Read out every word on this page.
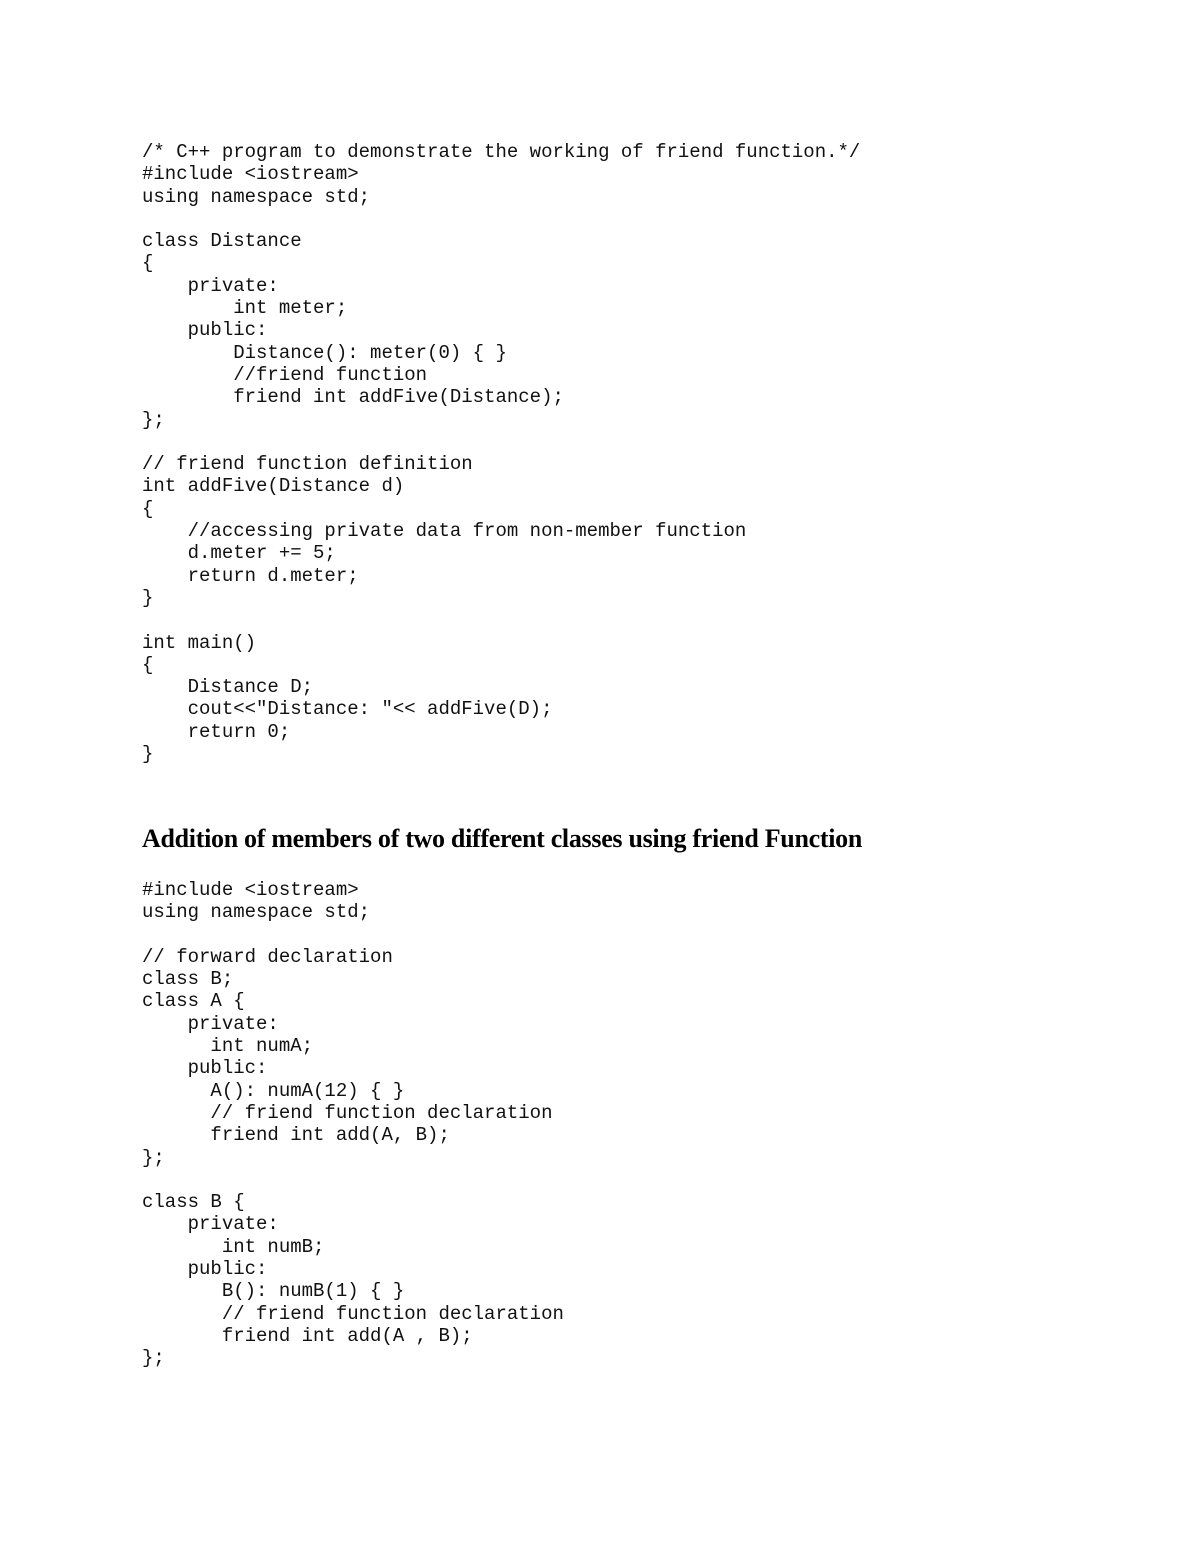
/* C++ program to demonstrate the working of friend function.*/
#include <iostream>
using namespace std;
class Distance
{
private:
int meter;
public:
Distance(): meter(0) { }
//friend function
friend int addFive(Distance);
};
// friend function definition
int addFive(Distance d)
{
//accessing private data from non-member function
d.meter += 5;
return d.meter;
}
int main()
{
Distance D;
cout<<"Distance: "<< addFive(D);
return 0;
}
Addition of members of two different classes using friend Function
#include <iostream>
using namespace std;
// forward declaration
class B;
class A {
private:
int numA;
public:
A(): numA(12) { }
// friend function declaration
friend int add(A, B);
};
class B {
private:
int numB;
public:
B(): numB(1) { }
// friend function declaration
friend int add(A , B);
};
